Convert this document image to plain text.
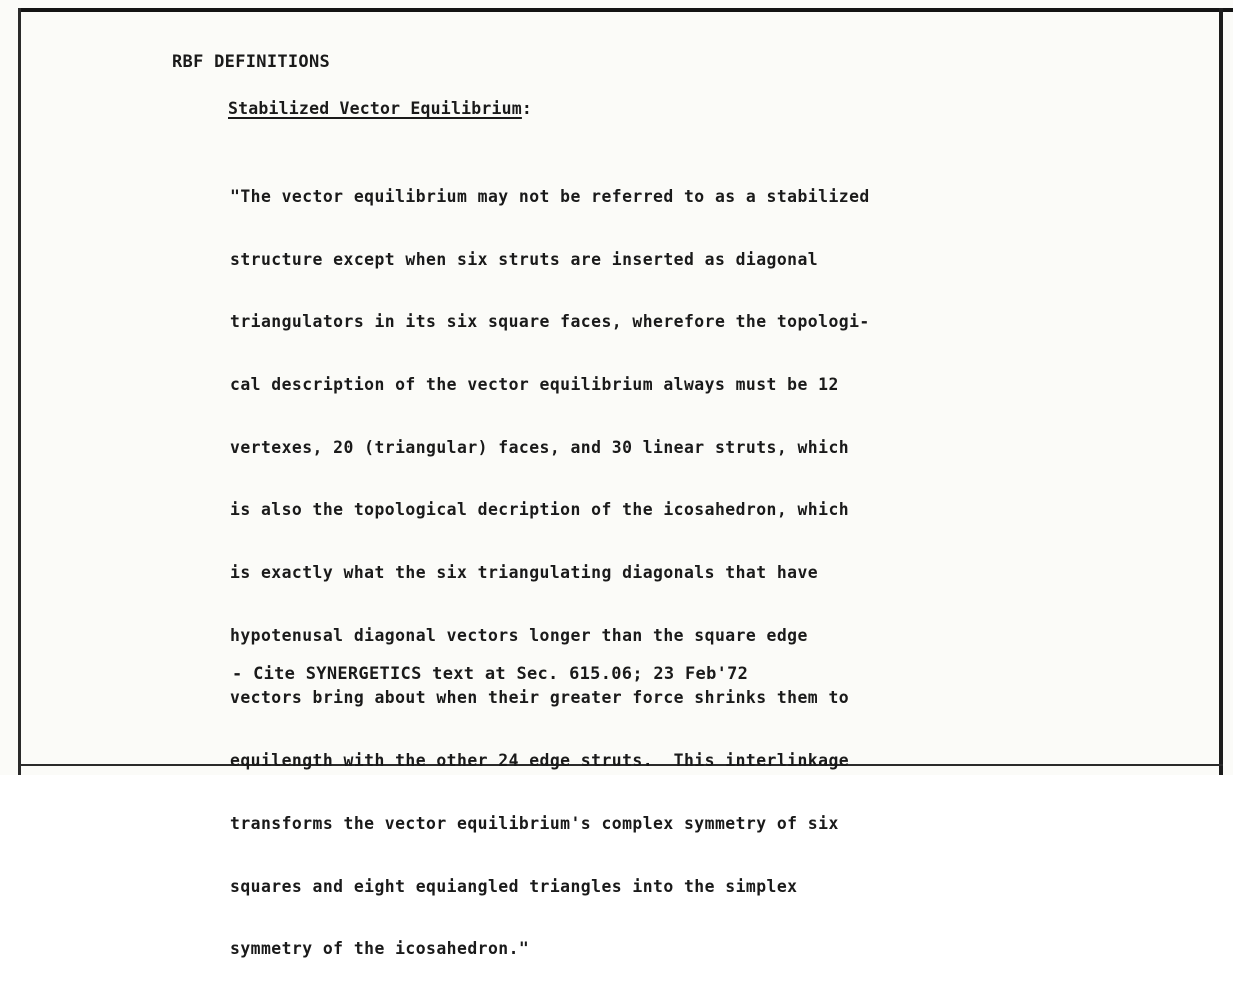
RBF DEFINITIONS
Stabilized Vector Equilibrium:

"The vector equilibrium may not be referred to as a stabilized

structure except when six struts are inserted as diagonal

triangulators in its six square faces, wherefore the topologi-

cal description of the vector equilibrium always must be 12

vertexes, 20 (triangular) faces, and 30 linear struts, which

is also the topological decription of the icosahedron, which

is exactly what the six triangulating diagonals that have

hypotenusal diagonal vectors longer than the square edge

vectors bring about when their greater force shrinks them to

equilength with the other 24 edge struts.  This interlinkage

transforms the vector equilibrium's complex symmetry of six

squares and eight equiangled triangles into the simplex

symmetry of the icosahedron."

- Cite SYNERGETICS text at Sec. 615.06; 23 Feb'72
